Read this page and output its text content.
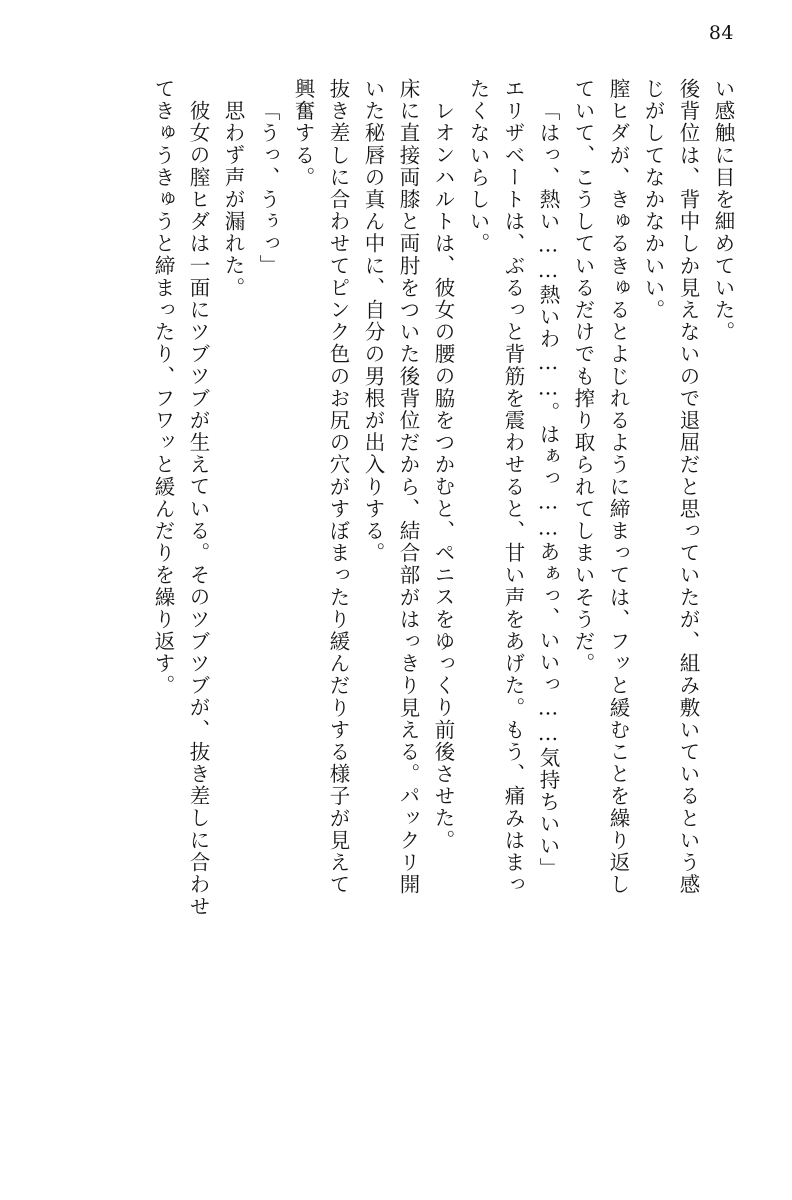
84
い感触に目を細めていた。
後背位は、背中しか見えないので退屈だと思っていたが、組み敷いているという感
じがしてなかなかいい。
膣ヒダが、きゅるきゅるとよじれるように締まっては、フッと緩むことを繰り返し
ていて、こうしているだけでも搾り取られてしまいそうだ。
「はっ、熱い……熱いわ……。はぁっ……あぁっ、いいっ……気持ちいい」
エリザベートは、ぶるっと背筋を震わせると、甘い声をあげた。もう、痛みはまっ
たくないらしい。
レオンハルトは、彼女の腰の脇をつかむと、ペニスをゆっくり前後させた。
床に直接両膝と両肘をついた後背位だから、結合部がはっきり見える。パックリ開
いた秘唇の真ん中に、自分の男根が出入りする。
抜き差しに合わせてピンク色のお尻の穴がすぼまったり緩んだりする様子が見えて
興奮する。
「うっ、うぅっ」
思わず声が漏れた。
彼女の膣ヒダは一面にツブツブが生えている。そのツブツブが、抜き差しに合わせ
てきゅうきゅうと締まったり、フワッと緩んだりを繰り返す。
